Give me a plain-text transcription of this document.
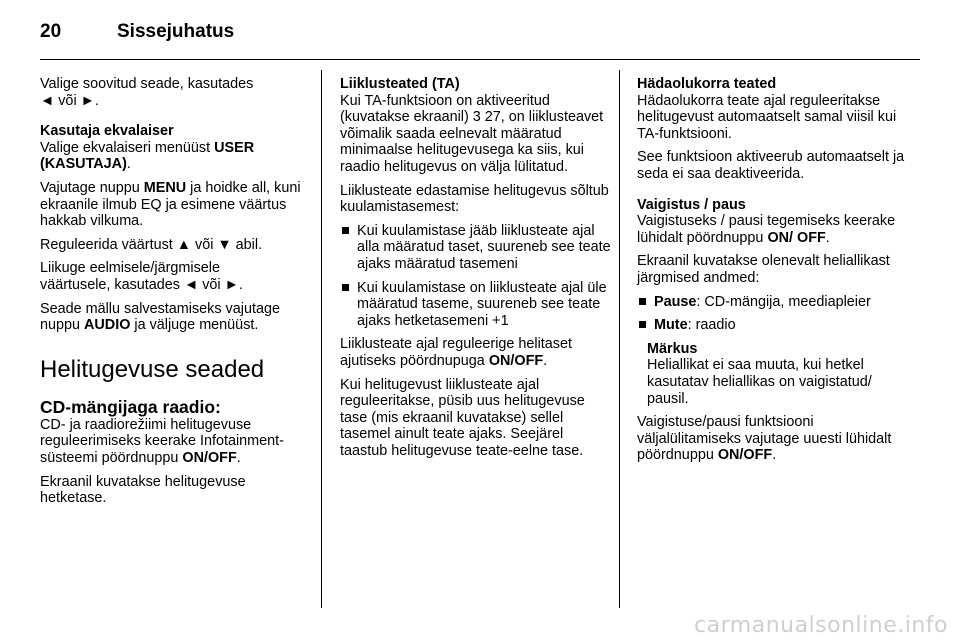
20	Sissejuhatus

Valige soovitud seade, kasutades
◄ või ►.

Kasutaja ekvalaiser

Valige ekvalaiseri menüüst USER (KASUTAJA).

Vajutage nuppu MENU ja hoidke all, kuni ekraanile ilmub EQ ja esimene väärtus hakkab vilkuma.

Reguleerida väärtust ▲ või ▼ abil.

Liikuge eelmisele/järgmisele
väärtusele, kasutades ◄ või ►.

Seade mällu salvestamiseks vajutage nuppu AUDIO ja väljuge menüüst.

Helitugevuse seaded

CD-mängijaga raadio:

CD- ja raadiorežiimi helitugevuse reguleerimiseks keerake Infotainment-süsteemi pöördnuppu ON/OFF.

Ekraanil kuvatakse helitugevuse hetketase.

Liiklusteated (TA)

Kui TA-funktsioon on aktiveeritud (kuvatakse ekraanil) 3 27, on liiklusteavet võimalik saada eelnevalt määratud minimaalse helitugevusega ka siis, kui raadio helitugevus on välja lülitatud.

Liiklusteate edastamise helitugevus sõltub kuulamistasemest:

Kui kuulamistase jääb liiklusteate ajal alla määratud taset, suureneb see teate ajaks määratud tasemeni
Kui kuulamistase on liiklusteate ajal üle määratud taseme, suureneb see teate ajaks hetketasemeni +1

Liiklusteate ajal reguleerige helitaset ajutiseks pöördnupuga ON/OFF.

Kui helitugevust liiklusteate ajal reguleeritakse, püsib uus helitugevuse tase (mis ekraanil kuvatakse) sellel tasemel ainult teate ajaks. Seejärel taastub helitugevuse teate-eelne tase.

Hädaolukorra teated

Hädaolukorra teate ajal reguleeritakse helitugevust automaatselt samal viisil kui TA-funktsiooni.

See funktsioon aktiveerub automaatselt ja seda ei saa deaktiveerida.

Vaigistus / paus

Vaigistuseks / pausi tegemiseks keerake lühidalt pöördnuppu ON/ OFF.

Ekraanil kuvatakse olenevalt heliallikast järgmised andmed:

Pause: CD-mängija, meediapleier
Mute: raadio
Märkus
Heliallikat ei saa muuta, kui hetkel kasutatav heliallikas on vaigistatud/ pausil.

Vaigistuse/pausi funktsiooni väljalülitamiseks vajutage uuesti lühidalt pöördnuppu ON/OFF.

carmanualsonline.info
